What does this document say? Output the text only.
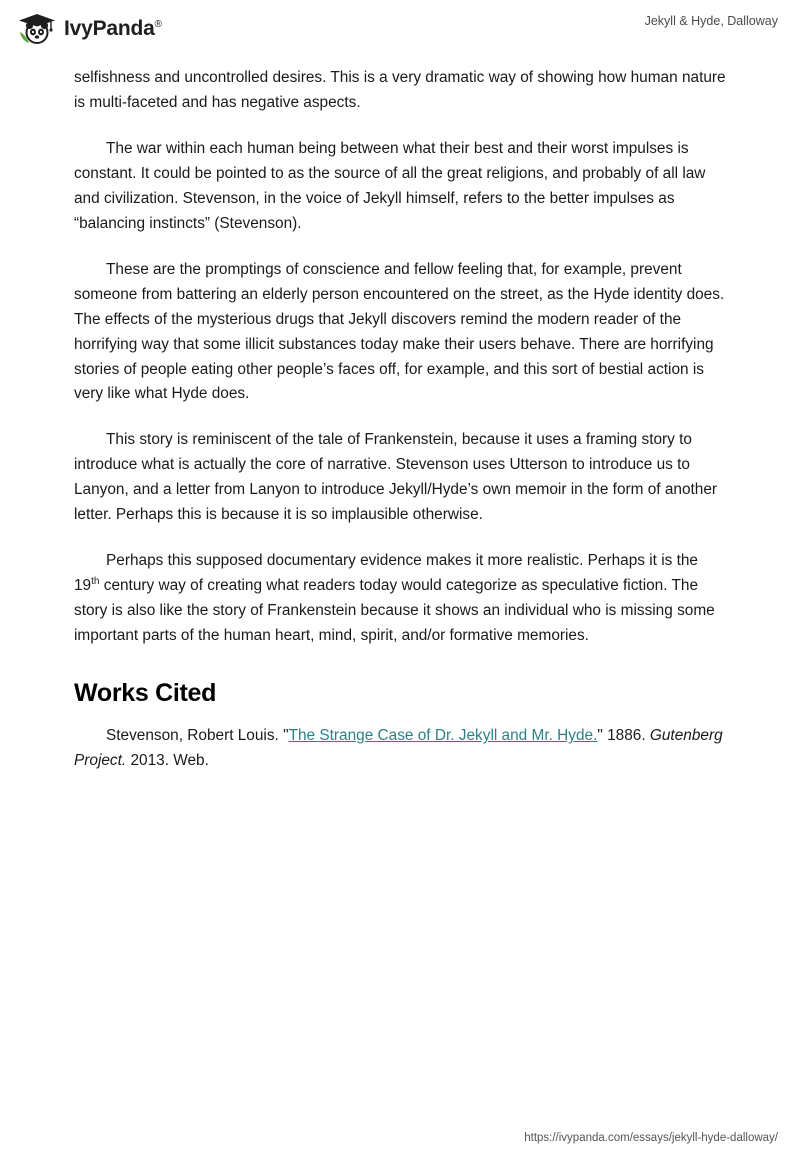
IvyPanda®	Jekyll & Hyde, Dalloway

selfishness and uncontrolled desires. This is a very dramatic way of showing how human nature is multi-faceted and has negative aspects.

The war within each human being between what their best and their worst impulses is constant. It could be pointed to as the source of all the great religions, and probably of all law and civilization. Stevenson, in the voice of Jekyll himself, refers to the better impulses as “balancing instincts” (Stevenson).

These are the promptings of conscience and fellow feeling that, for example, prevent someone from battering an elderly person encountered on the street, as the Hyde identity does. The effects of the mysterious drugs that Jekyll discovers remind the modern reader of the horrifying way that some illicit substances today make their users behave. There are horrifying stories of people eating other people’s faces off, for example, and this sort of bestial action is very like what Hyde does.

This story is reminiscent of the tale of Frankenstein, because it uses a framing story to introduce what is actually the core of narrative. Stevenson uses Utterson to introduce us to Lanyon, and a letter from Lanyon to introduce Jekyll/Hyde’s own memoir in the form of another letter. Perhaps this is because it is so implausible otherwise.

Perhaps this supposed documentary evidence makes it more realistic. Perhaps it is the 19th century way of creating what readers today would categorize as speculative fiction. The story is also like the story of Frankenstein because it shows an individual who is missing some important parts of the human heart, mind, spirit, and/or formative memories.

Works Cited

Stevenson, Robert Louis. "The Strange Case of Dr. Jekyll and Mr. Hyde." 1886. Gutenberg Project. 2013. Web.

https://ivypanda.com/essays/jekyll-hyde-dalloway/
